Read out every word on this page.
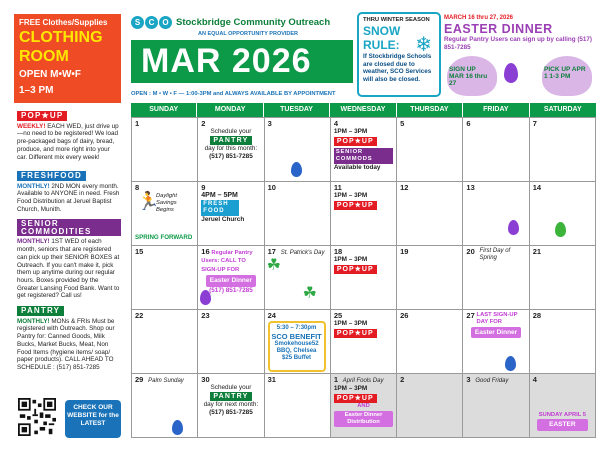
FREE Clothes/Supplies
CLOTHING
ROOM
OPEN M•W•F
1–3 PM
POP★UP
WEEKLY! EACH WED, just drive up—no need to be registered! We load pre-packaged bags of dairy, bread, produce, and more right into your car. Different mix every week!
FRESHFOOD
MONTHLY! 2ND MON every month. Available to ANYONE in need. Fresh Food Distribution at Jeruel Baptist Church, Munith.
SENIOR COMMODITIES
MONTHLY! 1ST WED of each month, seniors that are registered can pick up their SENIOR BOXES at Outreach. If you can't make it, pick them up anytime during our regular hours. Boxes provided by the Greater Lansing Food Bank. Want to get registered? Call us!
PANTRY
MONTHLY! MONs & FRIs Must be registered with Outreach. Shop our Pantry for: Canned Goods, Milk Bucks, Market Bucks, Meat, Non Food Items (hygiene items/ soap/ paper products). CALL AHEAD TO SCHEDULE : (517) 851-7285
CHECK OUR WEBSITE for the LATEST
S	C O Stockbridge Community Outreach
AN EQUAL OPPORTUNITY PROVIDER
MAR 2026
OPEN : M • W • F — 1:00-3PM and ALWAYS AVAILABLE BY APPOINTMENT
THRU WINTER SEASON
SNOW
RULE: ❄
If Stockbridge Schools are closed due to weather, SCO Services will also be closed.
MARCH 16 thru 27, 2026
EASTER DINNER
Regular Pantry Users can sign up by calling (517) 851-7285
SIGN UP MAR 16 thru 27
PICK UP APR 1 1-3 PM
SUNDAY	MONDAY	TUESDAY	WEDNESDAY	THURSDAY	FRIDAY	SATURDAY
1	2
Schedule your
PANTRY
day for this month:
(517) 851-7285
3	4
1PM – 3PM
POP★UP
SENIOR COMMODS
Available today
5	6	7
8
🏃
Daylight Savings Begins
SPRING FORWARD
9
4PM – 5PM
FRESH FOOD
Jeruel Church
10	11
1PM – 3PM
POP★UP
12	13	14
15	16 Regular Pantry Users: CALL TO SIGN-UP FOR
Easter Dinner
(517) 851-7285
17 St. Patrick's Day
☘
☘
18
1PM – 3PM
POP★UP
19	20 First Day of Spring
21
22	23	24
5:30 – 7:30pm
SCO BENEFIT
Smokehouse52 BBQ, Chelsea
$25 Buffet
25
1PM – 3PM
POP★UP
26	27 LAST SIGN-UP DAY FOR
Easter Dinner
28
29 Palm Sunday	30
Schedule your
PANTRY
day for next month:
(517) 851-7285
31	1 April Fools Day
1PM – 3PM
POP★UP
AND
Easter Dinner Distribution
2	3 Good Friday	4
SUNDAY APRIL 5
EASTER
